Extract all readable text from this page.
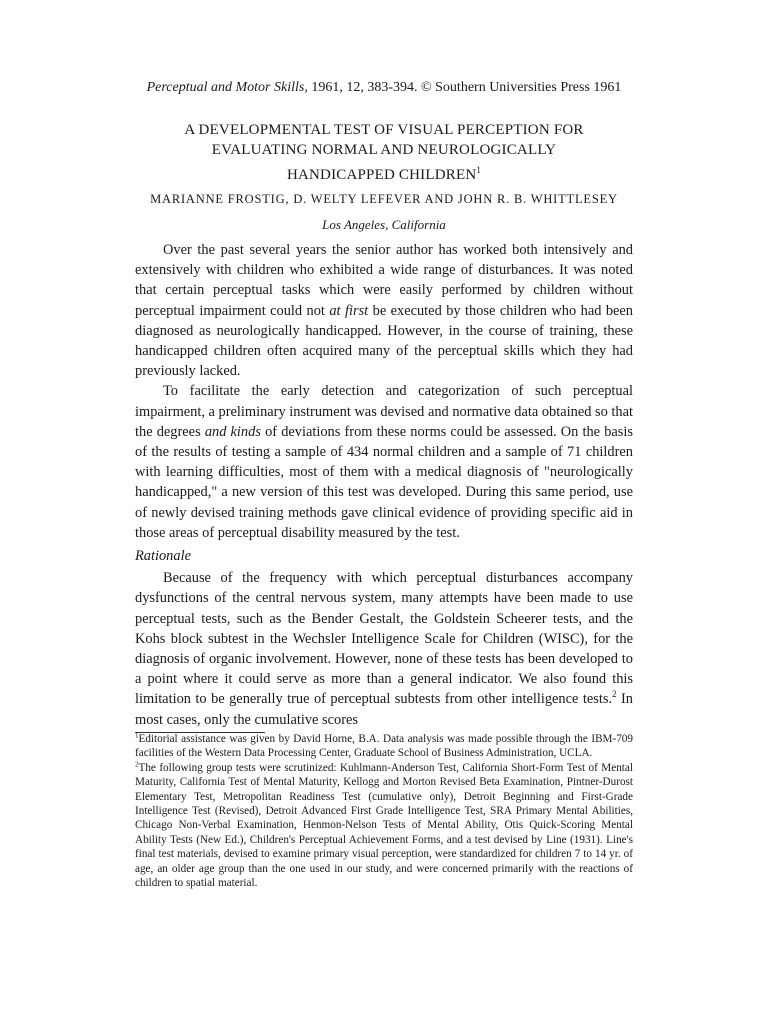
Perceptual and Motor Skills, 1961, 12, 383-394. © Southern Universities Press 1961
A DEVELOPMENTAL TEST OF VISUAL PERCEPTION FOR
EVALUATING NORMAL AND NEUROLOGICALLY
HANDICAPPED CHILDREN$^1$
MARIANNE FROSTIG, D. WELTY LEFEVER AND JOHN R. B. WHITTLESEY
Los Angeles, California

Over the past several years the senior author has worked both intensively and extensively with children who exhibited a wide range of disturbances. It was noted that certain perceptual tasks which were easily performed by children without perceptual impairment could not at first be executed by those children who had been diagnosed as neurologically handicapped. However, in the course of training, these handicapped children often acquired many of the perceptual skills which they had previously lacked.

To facilitate the early detection and categorization of such perceptual impairment, a preliminary instrument was devised and normative data obtained so that the degrees and kinds of deviations from these norms could be assessed. On the basis of the results of testing a sample of 434 normal children and a sample of 71 children with learning difficulties, most of them with a medical diagnosis of "neurologically handicapped," a new version of this test was developed. During this same period, use of newly devised training methods gave clinical evidence of providing specific aid in those areas of perceptual disability measured by the test.

Rationale

Because of the frequency with which perceptual disturbances accompany dysfunctions of the central nervous system, many attempts have been made to use perceptual tests, such as the Bender Gestalt, the Goldstein Scheerer tests, and the Kohs block subtest in the Wechsler Intelligence Scale for Children (WISC), for the diagnosis of organic involvement. However, none of these tests has been developed to a point where it could serve as more than a general indicator. We also found this limitation to be generally true of perceptual subtests from other intelligence tests.$^2$ In most cases, only the cumulative scores

$^1$Editorial assistance was given by David Horne, B.A. Data analysis was made possible through the IBM-709 facilities of the Western Data Processing Center, Graduate School of Business Administration, UCLA.

$^2$The following group tests were scrutinized: Kuhlmann-Anderson Test, California Short-Form Test of Mental Maturity, California Test of Mental Maturity, Kellogg and Morton Revised Beta Examination, Pintner-Durost Elementary Test, Metropolitan Readiness Test (cumulative only), Detroit Beginning and First-Grade Intelligence Test (Revised), Detroit Advanced First Grade Intelligence Test, SRA Primary Mental Abilities, Chicago Non-Verbal Examination, Henmon-Nelson Tests of Mental Ability, Otis Quick-Scoring Mental Ability Tests (New Ed.), Children's Perceptual Achievement Forms, and a test devised by Line (1931). Line's final test materials, devised to examine primary visual perception, were standardized for children 7 to 14 yr. of age, an older age group than the one used in our study, and were concerned primarily with the reactions of children to spatial material.
